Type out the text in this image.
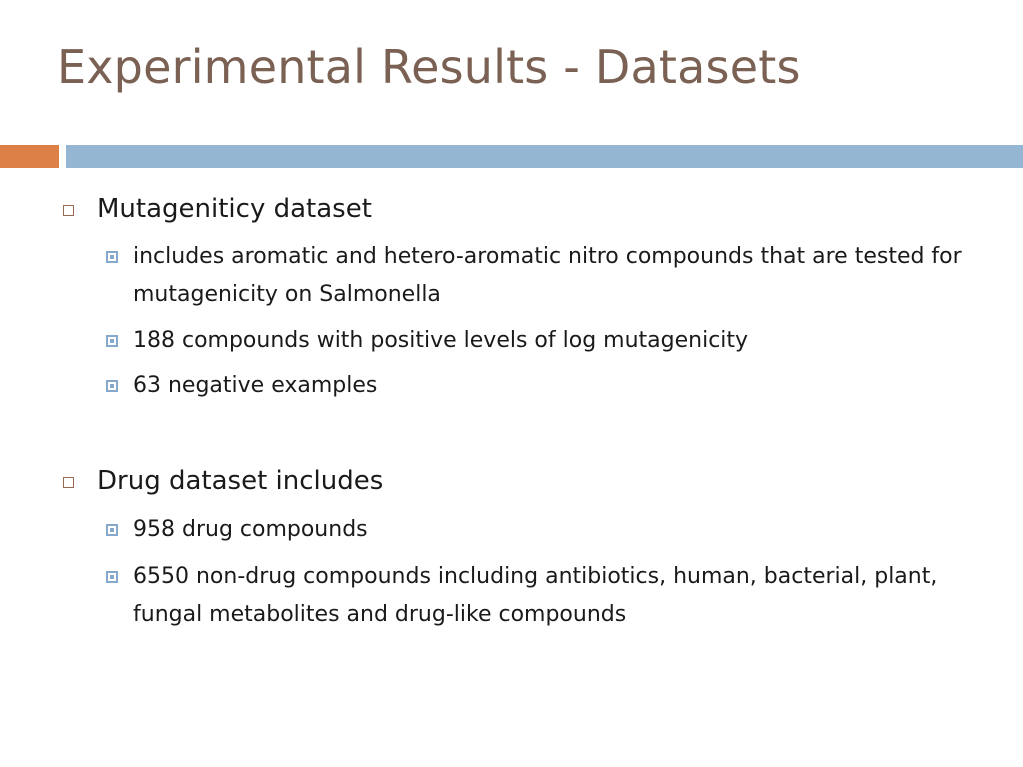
Experimental Results - Datasets
Mutageniticy dataset
includes aromatic and hetero-aromatic nitro compounds that are tested for mutagenicity on Salmonella
188 compounds with positive levels of log mutagenicity
63 negative examples
Drug dataset includes
958 drug compounds
6550 non-drug compounds including antibiotics, human, bacterial, plant, fungal metabolites and drug-like compounds
